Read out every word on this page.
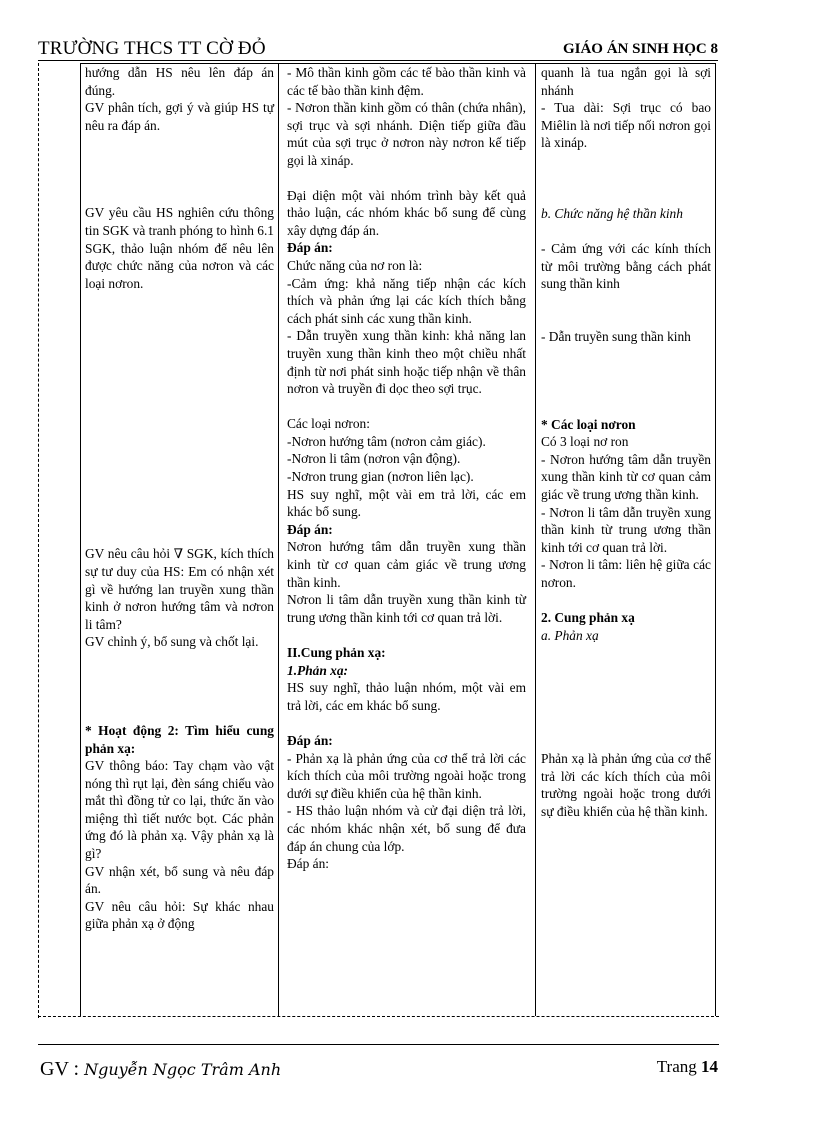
TRƯỜNG THCS TT CỜ ĐỎ	GIÁO ÁN SINH HỌC 8

hướng dẫn HS nêu lên đáp án đúng.

GV phân tích, gợi ý và giúp HS tự nêu ra đáp án.

GV yêu cầu HS nghiên cứu thông tin SGK và tranh phóng to hình 6.1 SGK, thảo luận nhóm để nêu lên được chức năng của nơron và các loại nơron.

GV nêu câu hỏi ∇ SGK, kích thích sự tư duy của HS: Em có nhận xét gì về hướng lan truyền xung thần kinh ở nơron hướng tâm và nơron li tâm?

GV chỉnh ý, bổ sung và chốt lại.

* Hoạt động 2: Tìm hiểu cung phản xạ:

GV thông báo: Tay chạm vào vật nóng thì rụt lại, đèn sáng chiếu vào mắt thì đồng tử co lại, thức ăn vào miệng thì tiết nước bọt. Các phản ứng đó là phản xạ. Vậy phản xạ là gì?

GV nhận xét, bổ sung và nêu đáp án.

GV nêu câu hỏi: Sự khác nhau giữa phản xạ ở động

- Mô thần kinh gồm các tế bào thần kinh và các tế bào thần kinh đệm.

- Nơron thần kinh gồm có thân (chứa nhân), sợi trục và sợi nhánh. Diện tiếp giữa đầu mút của sợi trục ở nơron này nơron kế tiếp gọi là xináp.

Đại diện một vài nhóm trình bày kết quả thảo luận, các nhóm khác bổ sung để cùng xây dựng đáp án.

Đáp án:

Chức năng của nơ ron là:

-Cảm ứng: khả năng tiếp nhận các kích thích và phản ứng lại các kích thích bằng cách phát sinh các xung thần kinh.

- Dẫn truyền xung thần kinh: khả năng lan truyền xung thần kinh theo một chiều nhất định từ nơi phát sinh hoặc tiếp nhận về thân nơron và truyền đi dọc theo sợi trục.

Các loại nơron:

-Nơron hướng tâm (nơron cảm giác).

-Nơron li tâm (nơron vận động).

-Nơron trung gian (nơron liên lạc).

HS suy nghĩ, một vài em trả lời, các em khác bổ sung.

Đáp án:

Nơron hướng tâm dẫn truyền xung thần kinh từ cơ quan cảm giác về trung ương thần kinh.

Nơron li tâm dẫn truyền xung thần kinh từ trung ương thần kinh tới cơ quan trả lời.

II.Cung phản xạ:

1.Phản xạ:

HS suy nghĩ, thảo luận nhóm, một vài em trả lời, các em khác bổ sung.

Đáp án:

- Phản xạ là phản ứng của cơ thể trả lời các kích thích của môi trường ngoài hoặc trong dưới sự điều khiển của hệ thần kinh.

- HS thảo luận nhóm và cử đại diện trả lời, các nhóm khác nhận xét, bổ sung để đưa đáp án chung của lớp.

Đáp án:

quanh là tua ngắn gọi là sợi nhánh

- Tua dài: Sợi trục có bao Miêlin là nơi tiếp nối nơron gọi là xináp.

b. Chức năng hệ thần kinh

- Cảm ứng với các kính thích từ môi trường bằng cách phát sung thần kinh

- Dẫn truyền sung thần kinh

* Các loại nơron

Có 3 loại nơ ron

- Nơron hướng tâm dẫn truyền xung thần kinh từ cơ quan cảm giác về trung ương thần kinh.

- Nơron li tâm dẫn truyền xung thần kinh từ trung ương thần kinh tới cơ quan trả lời.

- Nơron li tâm: liên hệ giữa các nơron.

2. Cung phản xạ

a. Phản xạ

Phản xạ là phản ứng của cơ thể trả lời các kích thích của môi trường ngoài hoặc trong dưới sự điều khiển của hệ thần kinh.

GV : Nguyễn Ngọc Trâm Anh	Trang 14
